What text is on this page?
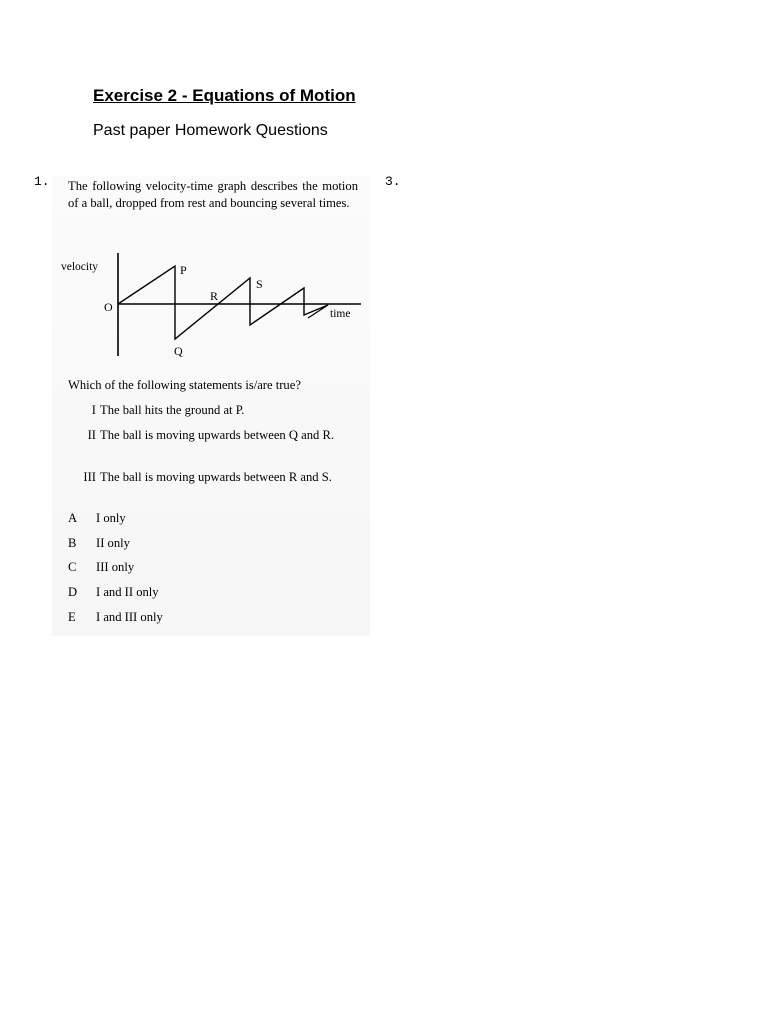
Exercise 2 - Equations of Motion
Past paper Homework Questions
1.	3.
The following velocity-time graph describes the motion of a ball, dropped from rest and bouncing several times.
velocity
O
P
Q
R
S
time
Which of the following statements is/are true?
I The ball hits the ground at P.
II The ball is moving upwards between Q and R.
III The ball is moving upwards between R and S.
A I only
B II only
C III only
D I and II only
E I and III only
